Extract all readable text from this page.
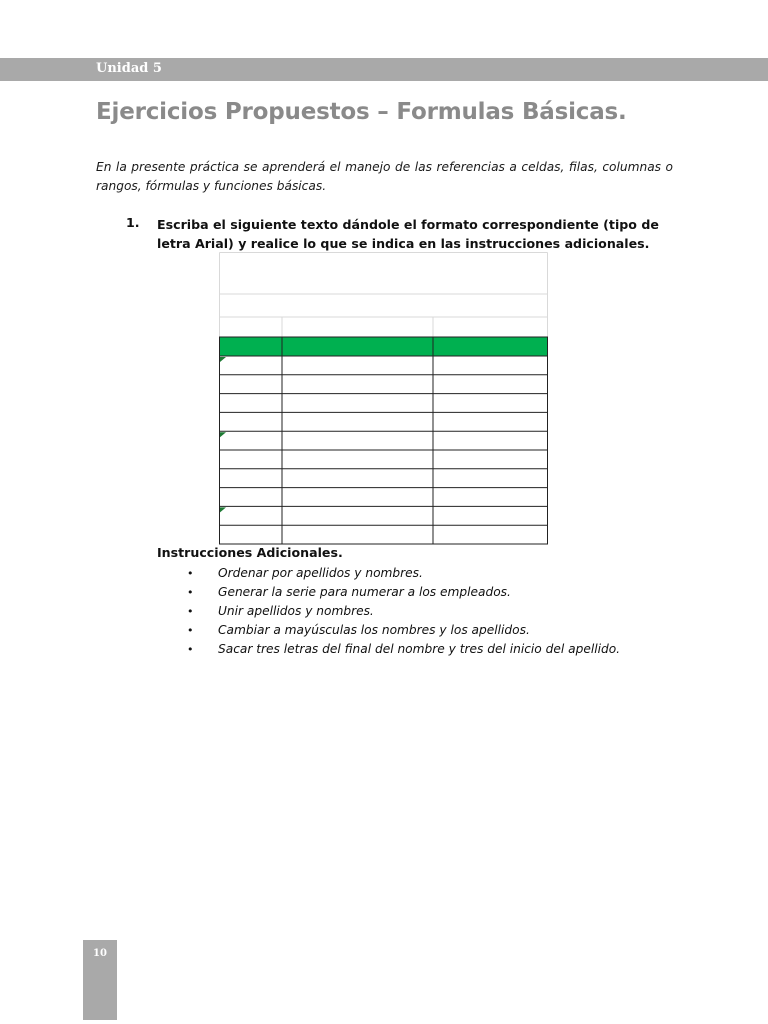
Unidad 5
Ejercicios Propuestos – Formulas Básicas.

En la presente práctica se aprenderá el manejo de las referencias a celdas, filas, columnas o rangos, fórmulas y funciones básicas.

1. Escriba el siguiente texto dándole el formato correspondiente (tipo de letra Arial) y realice lo que se indica en las instrucciones adicionales.

Instrucciones Adicionales.
• Ordenar por apellidos y nombres.
• Generar la serie para numerar a los empleados.
• Unir apellidos y nombres.
• Cambiar a mayúsculas los nombres y los apellidos.
• Sacar tres letras del final del nombre y tres del inicio del apellido.
10
